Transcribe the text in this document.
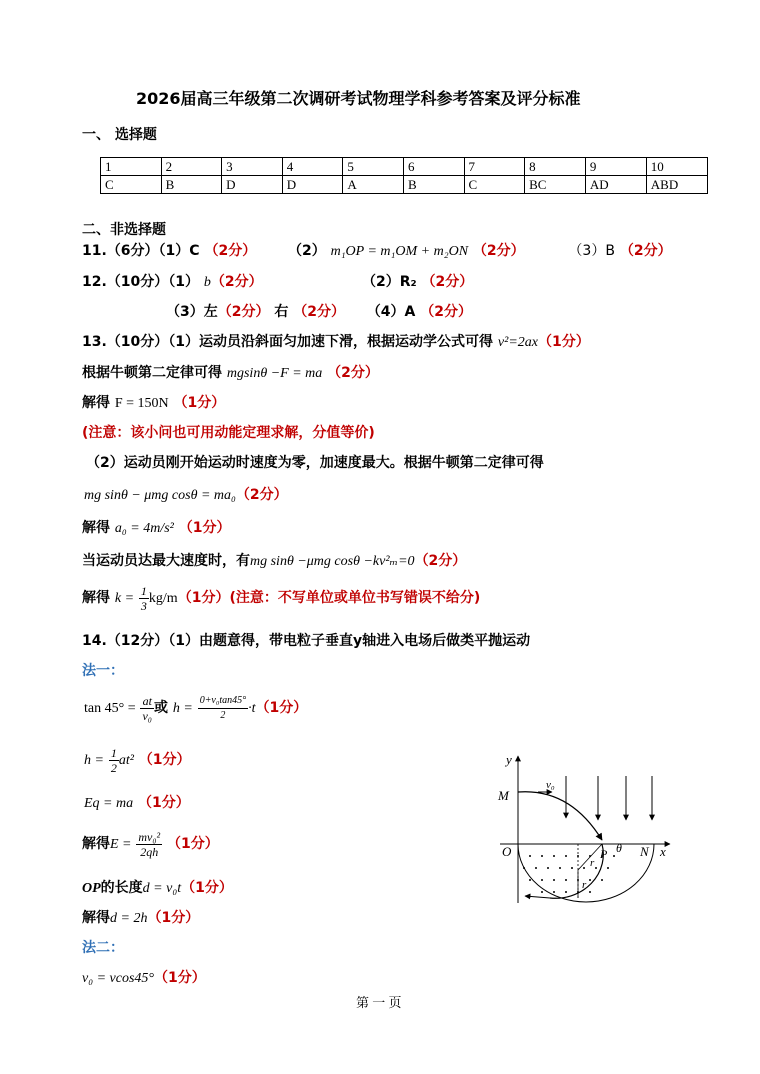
2026届高三年级第二次调研考试物理学科参考答案及评分标准
一、 选择题
1	2	3	4	5	6	7	8	9	10
C	B	D	D	A	B	C	BC	AD	ABD
二、非选择题
11.（6分）（1）C （2分） （2） m₁OP = m₁OM + m₂ON （2分）	（3）B （2分）
12.（10分）（1） b（2分）	（2）R₂ （2分）
（3）左（2分） 右 （2分） （4）A （2分）
13.（10分）（1）运动员沿斜面匀加速下滑，根据运动学公式可得 v²=2ax（1分）
根据牛顿第二定律可得 mgsinθ −F = ma （2分）
解得 F = 150N （1分）
(注意：该小问也可用动能定理求解，分值等价)
（2）运动员刚开始运动时速度为零，加速度最大。根据牛顿第二定律可得
mg sinθ − μmg cosθ = ma₀（2分）
解得 a₀ = 4m/s² （1分）
当运动员达最大速度时，有mg sinθ −μmg cosθ −kv²ₘ=0（2分）
解得 $k = \frac{1}{3} kg/m(1$分）(注意：不写单位或单位书写错误不给分)
14.（12分）（1）由题意得，带电粒子垂直y轴进入电场后做类平抛运动
法一：
$\tan 45^\circ = \frac{at}{\text{v₀}}$ 或 $h = \frac{\text{0+v₀tan45°}}{2} \cdot t(1$分）
$h = \frac{1}{2} at^2$ （1分）
Eq = ma （1分）
解得$E = \frac{\text{mv₀²}}{2qh} (1$分）
OP的长度d = v₀t（1分）
解得d = 2h（1分）
法二：
v₀ = vcos45°（1分）
y
x
M
O	N
P θ
r
r
v₀
第 一 页
